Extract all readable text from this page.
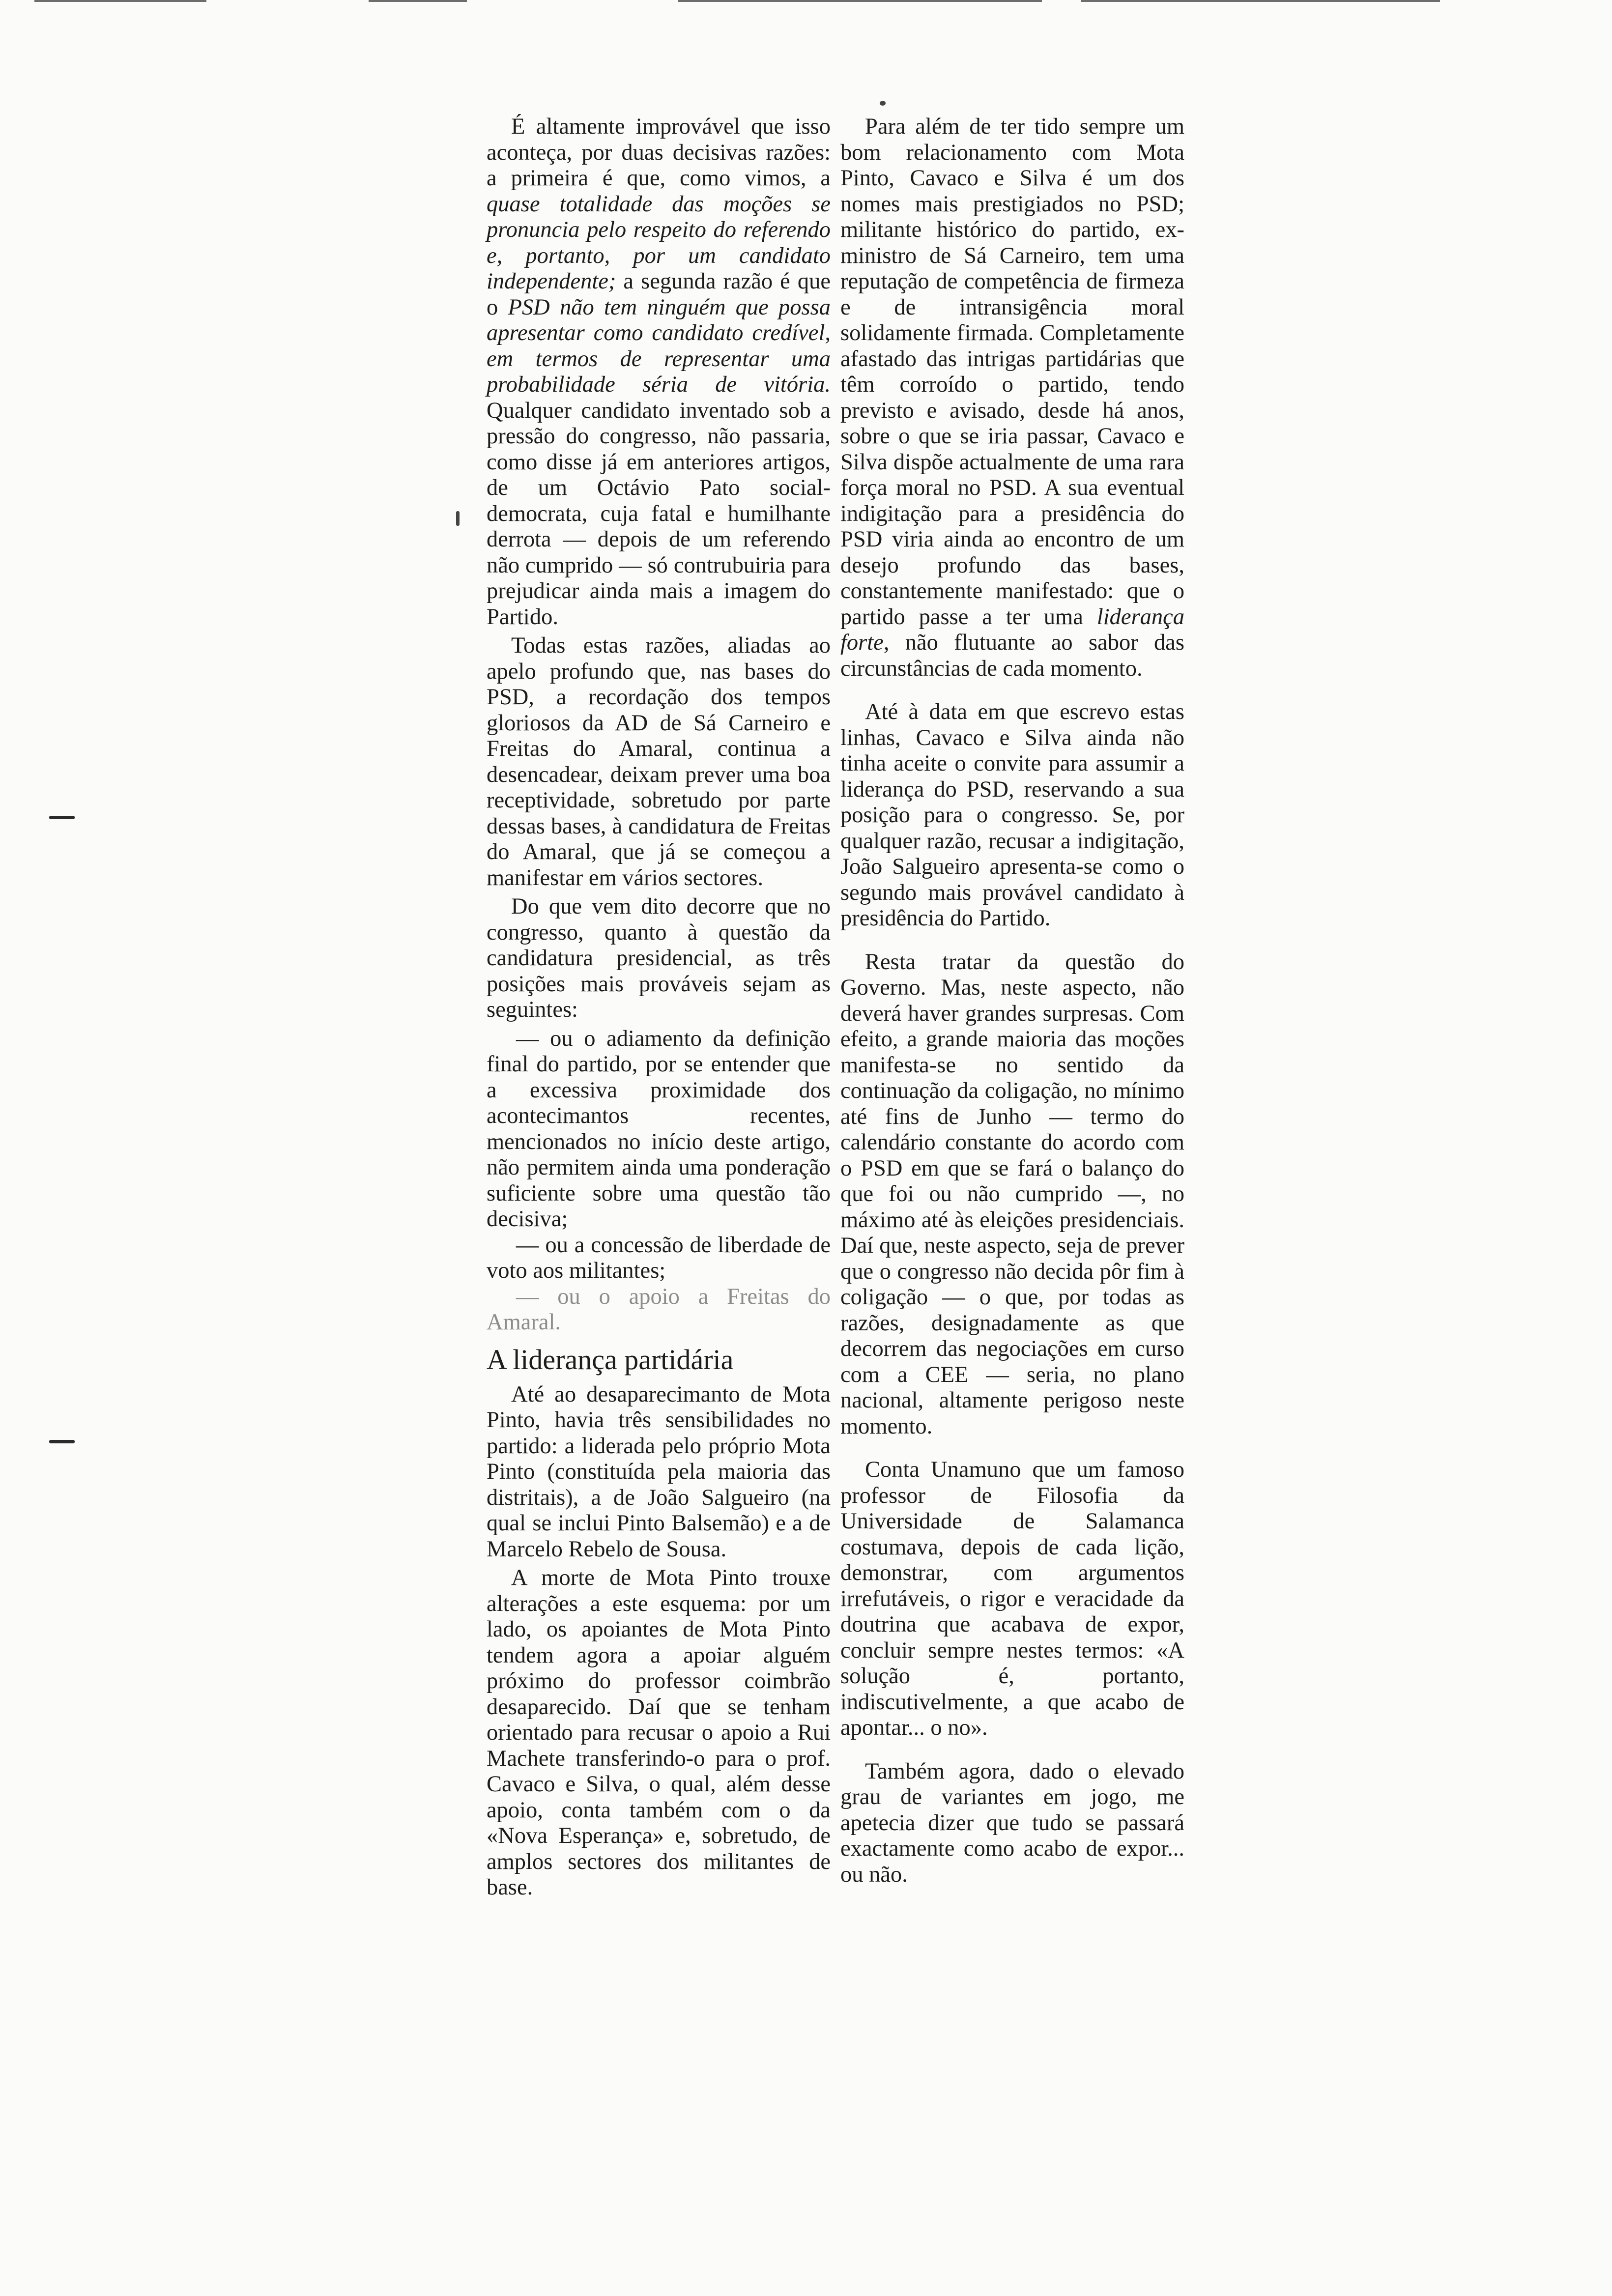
É altamente improvável que isso aconteça, por duas decisivas razões: a primeira é que, como vimos, a quase totalidade das moções se pronuncia pelo respeito do referendo e, portanto, por um candidato independente; a segunda razão é que o PSD não tem ninguém que possa apresentar como candidato credível, em termos de representar uma probabilidade séria de vitória. Qualquer candidato inventado sob a pressão do congresso, não passaria, como disse já em anteriores artigos, de um Octávio Pato social-democrata, cuja fatal e humilhante derrota — depois de um referendo não cumprido — só contrubuiria para prejudicar ainda mais a imagem do Partido.

Todas estas razões, aliadas ao apelo profundo que, nas bases do PSD, a recordação dos tempos gloriosos da AD de Sá Carneiro e Freitas do Amaral, continua a desencadear, deixam prever uma boa receptividade, sobretudo por parte dessas bases, à candidatura de Freitas do Amaral, que já se começou a manifestar em vários sectores.

Do que vem dito decorre que no congresso, quanto à questão da candidatura presidencial, as três posições mais prováveis sejam as seguintes:

— ou o adiamento da definição final do partido, por se entender que a excessiva proximidade dos acontecimantos recentes, mencionados no início deste artigo, não permitem ainda uma ponderação suficiente sobre uma questão tão decisiva;

— ou a concessão de liberdade de voto aos militantes;

— ou o apoio a Freitas do Amaral.

A liderança partidária

Até ao desaparecimanto de Mota Pinto, havia três sensibilidades no partido: a liderada pelo próprio Mota Pinto (constituída pela maioria das distritais), a de João Salgueiro (na qual se inclui Pinto Balsemão) e a de Marcelo Rebelo de Sousa.

A morte de Mota Pinto trouxe alterações a este esquema: por um lado, os apoiantes de Mota Pinto tendem agora a apoiar alguém próximo do professor coimbrão desaparecido. Daí que se tenham orientado para recusar o apoio a Rui Machete transferindo-o para o prof. Cavaco e Silva, o qual, além desse apoio, conta também com o da «Nova Esperança» e, sobretudo, de amplos sectores dos militantes de base.

Para além de ter tido sempre um bom relacionamento com Mota Pinto, Cavaco e Silva é um dos nomes mais prestigiados no PSD; militante histórico do partido, ex-ministro de Sá Carneiro, tem uma reputação de competência de firmeza e de intransigência moral solidamente firmada. Completamente afastado das intrigas partidárias que têm corroído o partido, tendo previsto e avisado, desde há anos, sobre o que se iria passar, Cavaco e Silva dispõe actualmente de uma rara força moral no PSD. A sua eventual indigitação para a presidência do PSD viria ainda ao encontro de um desejo profundo das bases, constantemente manifestado: que o partido passe a ter uma liderança forte, não flutuante ao sabor das circunstâncias de cada momento.

Até à data em que escrevo estas linhas, Cavaco e Silva ainda não tinha aceite o convite para assumir a liderança do PSD, reservando a sua posição para o congresso. Se, por qualquer razão, recusar a indigitação, João Salgueiro apresenta-se como o segundo mais provável candidato à presidência do Partido.

Resta tratar da questão do Governo. Mas, neste aspecto, não deverá haver grandes surpresas. Com efeito, a grande maioria das moções manifesta-se no sentido da continuação da coligação, no mínimo até fins de Junho — termo do calendário constante do acordo com o PSD em que se fará o balanço do que foi ou não cumprido —, no máximo até às eleições presidenciais. Daí que, neste aspecto, seja de prever que o congresso não decida pôr fim à coligação — o que, por todas as razões, designadamente as que decorrem das negociações em curso com a CEE — seria, no plano nacional, altamente perigoso neste momento.

Conta Unamuno que um famoso professor de Filosofia da Universidade de Salamanca costumava, depois de cada lição, demonstrar, com argumentos irrefutáveis, o rigor e veracidade da doutrina que acabava de expor, concluir sempre nestes termos: «A solução é, portanto, indiscutivelmente, a que acabo de apontar... o no».

Também agora, dado o elevado grau de variantes em jogo, me apetecia dizer que tudo se passará exactamente como acabo de expor... ou não.
